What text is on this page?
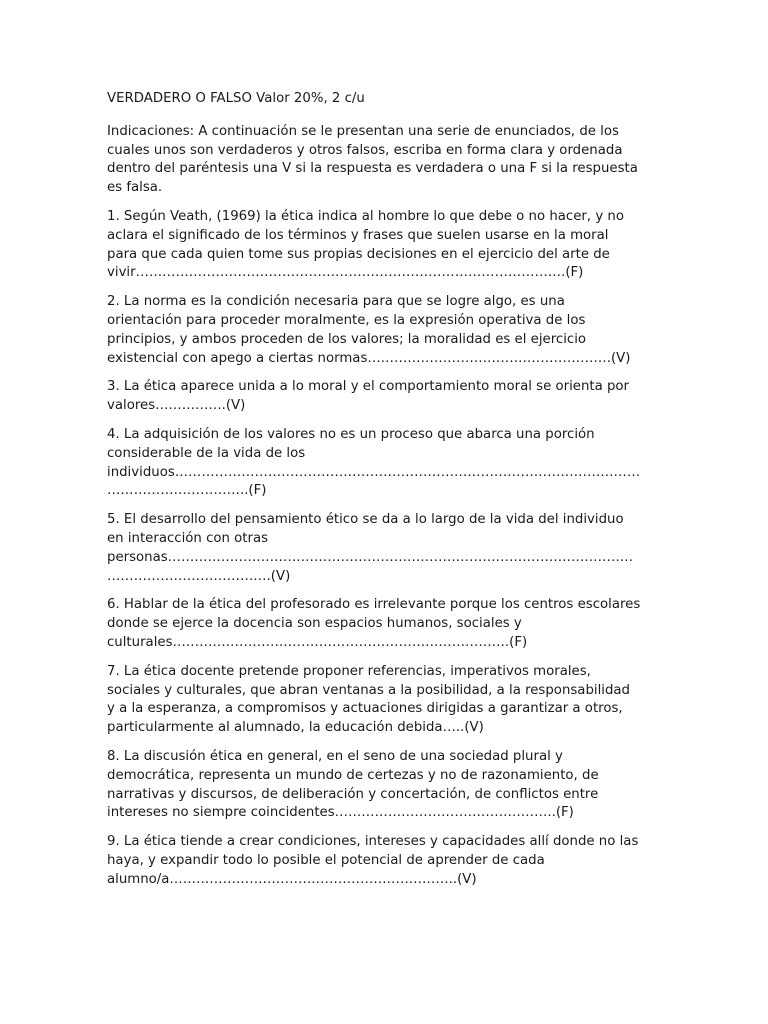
VERDADERO O FALSO Valor 20%, 2 c/u

Indicaciones: A continuación se le presentan una serie de enunciados, de los
cuales unos son verdaderos y otros falsos, escriba en forma clara y ordenada
dentro del paréntesis una V si la respuesta es verdadera o una F si la respuesta
es falsa.

1. Según Veath, (1969) la ética indica al hombre lo que debe o no hacer, y no
aclara el significado de los términos y frases que suelen usarse en la moral
para que cada quien tome sus propias decisiones en el ejercicio del arte de
vivir…………………………………………………………………………………….(F)

2. La norma es la condición necesaria para que se logre algo, es una
orientación para proceder moralmente, es la expresión operativa de los
principios, y ambos proceden de los valores; la moralidad es el ejercicio
existencial con apego a ciertas normas……………………………………………….(V)

3. La ética aparece unida a lo moral y el comportamiento moral se orienta por
valores…………….(V)

4. La adquisición de los valores no es un proceso que abarca una porción
considerable de la vida de los
individuos……………………………………………………………………………………………
…………………………..(F)

5. El desarrollo del pensamiento ético se da a lo largo de la vida del individuo
en interacción con otras
personas……………………………………………………………………………………………
……………………………….(V)

6. Hablar de la ética del profesorado es irrelevante porque los centros escolares
donde se ejerce la docencia son espacios humanos, sociales y
culturales………………………………………………………………….(F)

7. La ética docente pretende proponer referencias, imperativos morales,
sociales y culturales, que abran ventanas a la posibilidad, a la responsabilidad
y a la esperanza, a compromisos y actuaciones dirigidas a garantizar a otros,
particularmente al alumnado, la educación debida…..(V)

8. La discusión ética en general, en el seno de una sociedad plural y
democrática, representa un mundo de certezas y no de razonamiento, de
narrativas y discursos, de deliberación y concertación, de conflictos entre
intereses no siempre coincidentes…………………………………………..(F)

9. La ética tiende a crear condiciones, intereses y capacidades allí donde no las
haya, y expandir todo lo posible el potencial de aprender de cada
alumno/a………………………………………………………..(V)
